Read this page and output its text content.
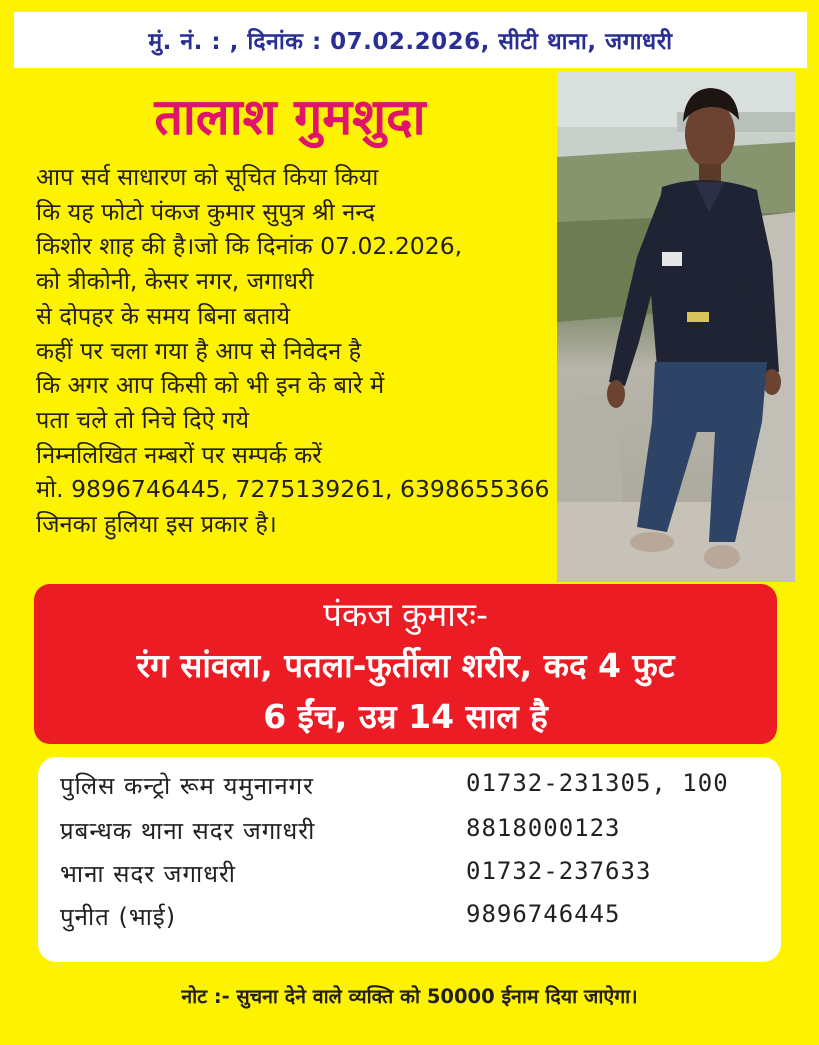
मुं. नं. : , दिनांक : 07.02.2026, सीटी थाना, जगाधरी
तालाश गुमशुदा
आप सर्व साधारण को सूचित किया किया
कि यह फोटो पंकज कुमार सुपुत्र श्री नन्द
किशोर शाह की है।जो कि दिनांक 07.02.2026,
को त्रीकोनी, केसर नगर, जगाधरी
से दोपहर के समय बिना बताये
कहीं पर चला गया है आप से निवेदन है
कि अगर आप किसी को भी इन के बारे में
पता चले तो निचे दिऐ गये
निम्नलिखित नम्बरों पर सम्पर्क करें
मो. 9896746445, 7275139261, 6398655366
जिनका हुलिया इस प्रकार है।
पंकज कुमारः-
रंग सांवला, पतला-फुर्तीला शरीर, कद 4 फुट
6 ईंच, उम्र 14 साल है
पुलिस कन्ट्रो रूम यमुनानगर	01732-231305, 100
प्रबन्धक थाना सदर जगाधरी	8818000123
भाना सदर जगाधरी	01732-237633
पुनीत (भाई)	9896746445
नोट :- सुचना देने वाले व्यक्ति को 50000 ईनाम दिया जाऐगा।
